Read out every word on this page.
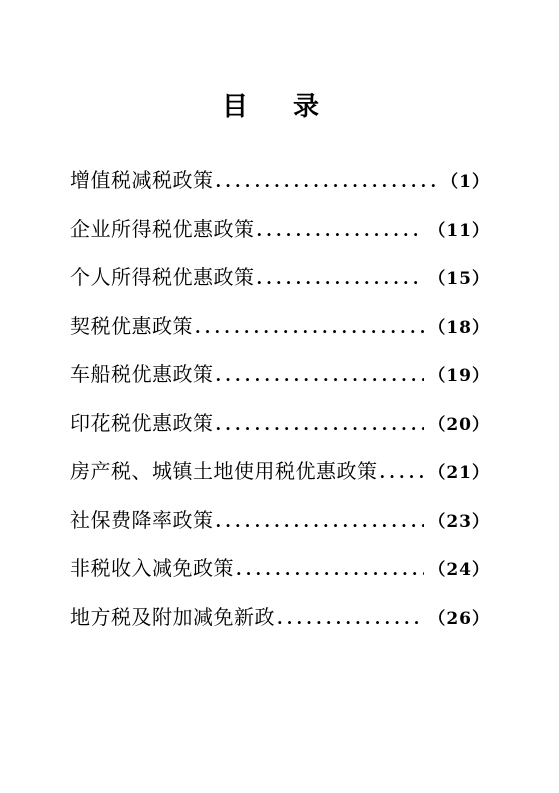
目 录
增值税减税政策 .....	（1）
企业所得税优惠政策 .....	（11）
个人所得税优惠政策 .....	（15）
契税优惠政策 .....	（18）
车船税优惠政策 .....	（19）
印花税优惠政策 .....	（20）
房产税、城镇土地使用税优惠政策 .....	（21）
社保费降率政策 .....	（23）
非税收入减免政策 .....	（24）
地方税及附加减免新政 .....	（26）
